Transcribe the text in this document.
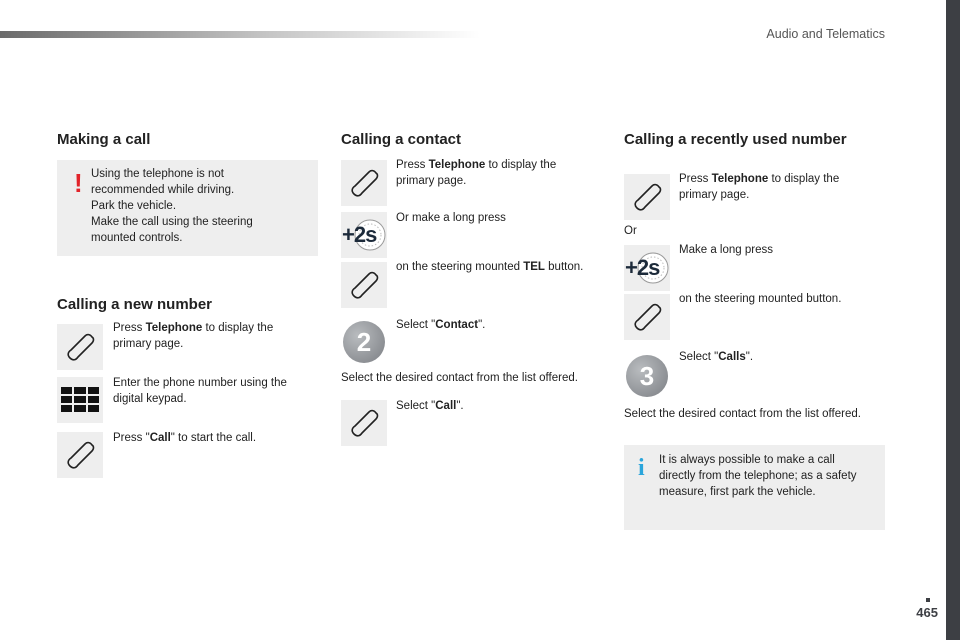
Audio and Telematics
465
Making a call
! Using the telephone is not
recommended while driving.
Park the vehicle.
Make the call using the steering
mounted controls.
Calling a new number
Press Telephone to display the
primary page.
Enter the phone number using the
digital keypad.
Press "Call" to start the call.
Calling a contact
Press Telephone to display the
primary page.
+2s
Or make a long press
on the steering mounted TEL button.
2
Select "Contact".
Select the desired contact from the list offered.
Select "Call".
Calling a recently used number
Press Telephone to display the
primary page.
Or
+2s
Make a long press
on the steering mounted button.
3
Select "Calls".
Select the desired contact from the list offered.
i It is always possible to make a call
directly from the telephone; as a safety
measure, first park the vehicle.
